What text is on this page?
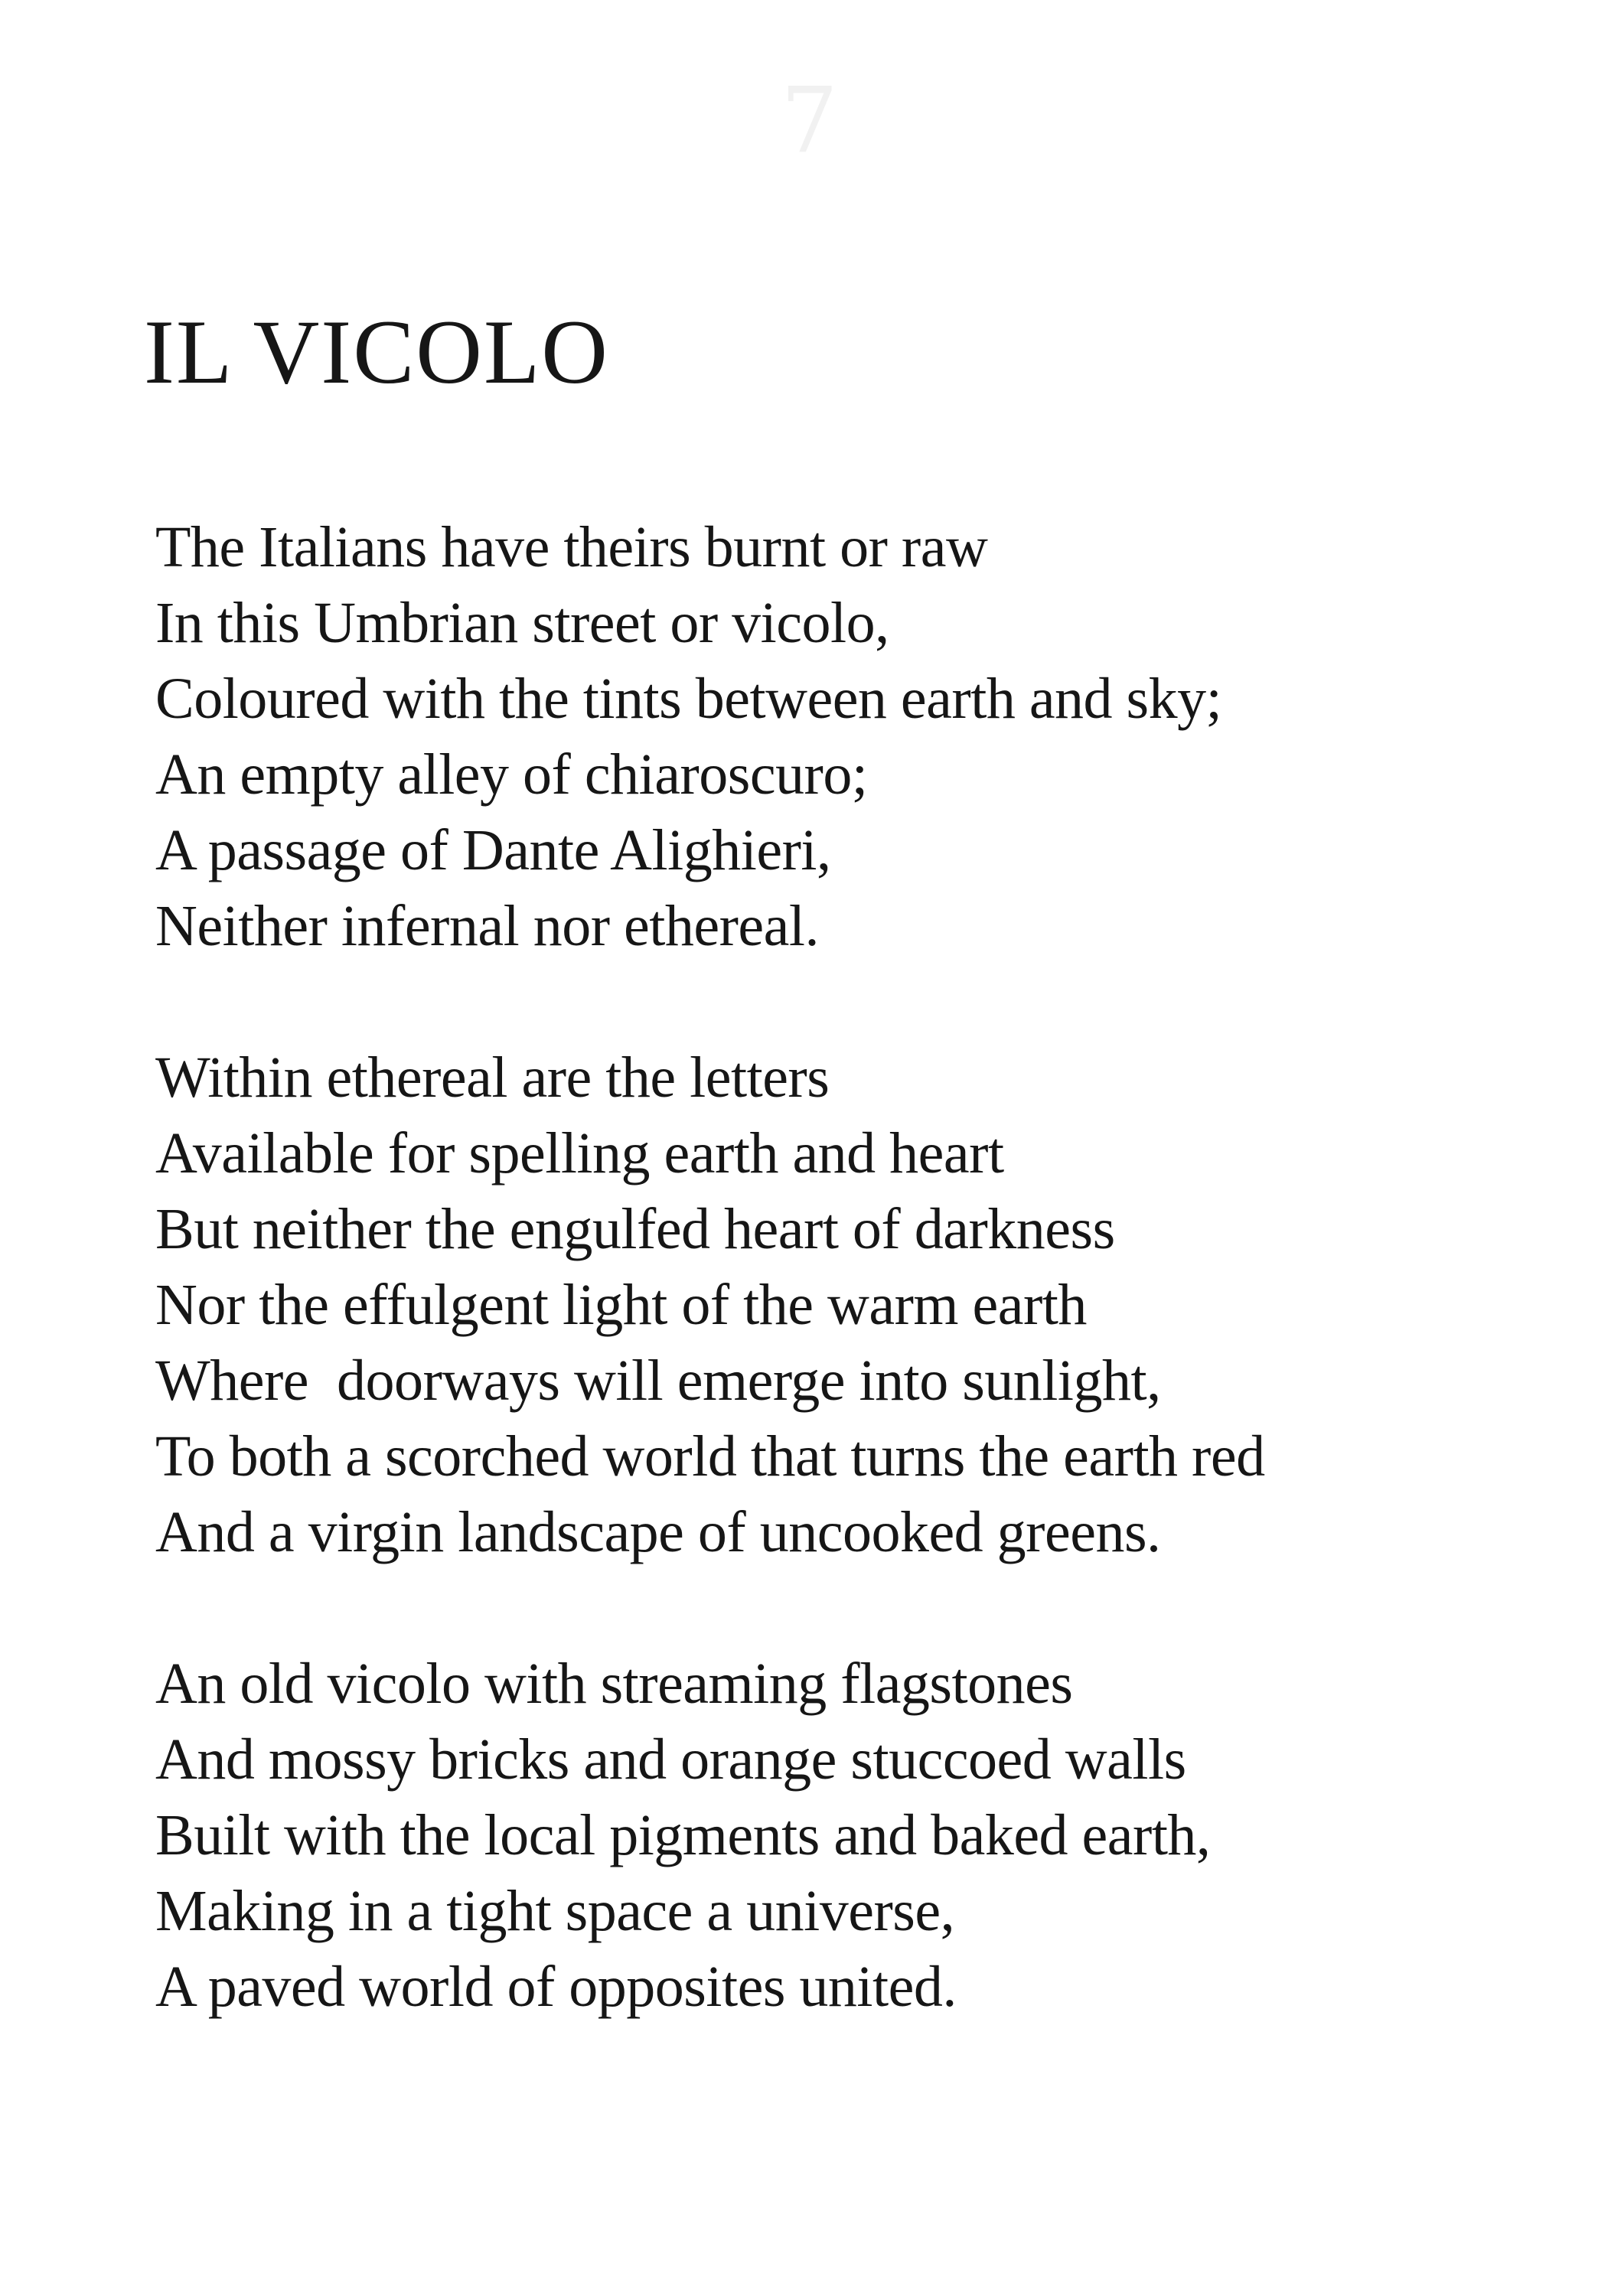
7
IL VICOLO
The Italians have theirs burnt or raw
In this Umbrian street or vicolo,
Coloured with the tints between earth and sky;
An empty alley of chiaroscuro;
A passage of Dante Alighieri,
Neither infernal nor ethereal.
Within ethereal are the letters
Available for spelling earth and heart
But neither the engulfed heart of darkness
Nor the effulgent light of the warm earth
Where  doorways will emerge into sunlight,
To both a scorched world that turns the earth red
And a virgin landscape of uncooked greens.
An old vicolo with streaming flagstones
And mossy bricks and orange stuccoed walls
Built with the local pigments and baked earth,
Making in a tight space a universe,
A paved world of opposites united.
